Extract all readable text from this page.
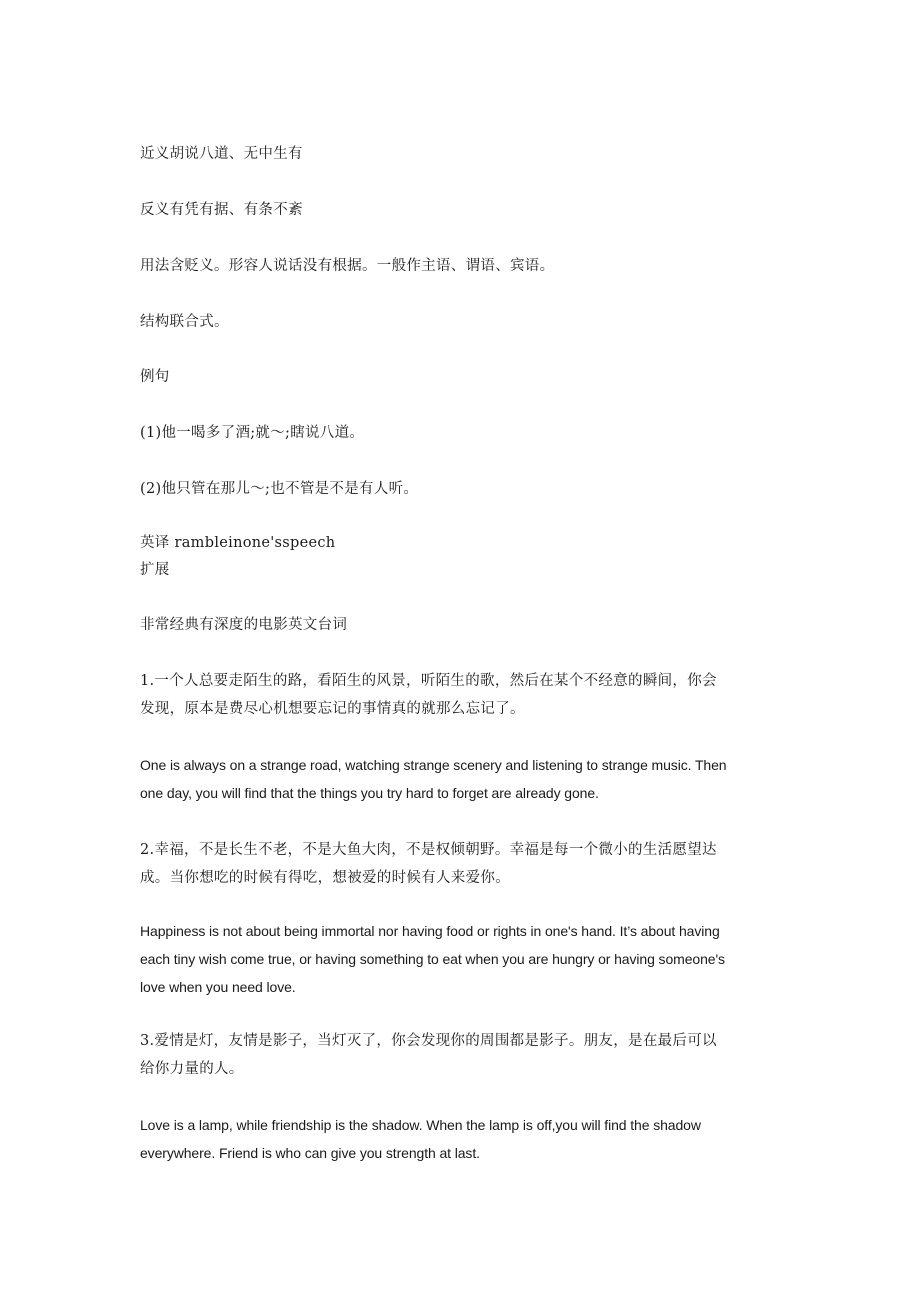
近义胡说八道、无中生有
反义有凭有据、有条不紊
用法含贬义。形容人说话没有根据。一般作主语、谓语、宾语。
结构联合式。
例句
(1)他一喝多了酒;就～;瞎说八道。
(2)他只管在那儿～;也不管是不是有人听。
英译 rambleinone'sspeech
扩展
非常经典有深度的电影英文台词
1.一个人总要走陌生的路，看陌生的风景，听陌生的歌，然后在某个不经意的瞬间，你会
发现，原本是费尽心机想要忘记的事情真的就那么忘记了。
One is always on a strange road, watching strange scenery and listening to strange music. Then
one day, you will find that the things you try hard to forget are already gone.
2.幸福，不是长生不老，不是大鱼大肉，不是权倾朝野。幸福是每一个微小的生活愿望达
成。当你想吃的时候有得吃，想被爱的时候有人来爱你。
Happiness is not about being immortal nor having food or rights in one's hand. It’s about having
each tiny wish come true, or having something to eat when you are hungry or having someone's
love when you need love.
3.爱情是灯，友情是影子，当灯灭了，你会发现你的周围都是影子。朋友，是在最后可以
给你力量的人。
Love is a lamp, while friendship is the shadow. When the lamp is off,you will find the shadow
everywhere. Friend is who can give you strength at last.
